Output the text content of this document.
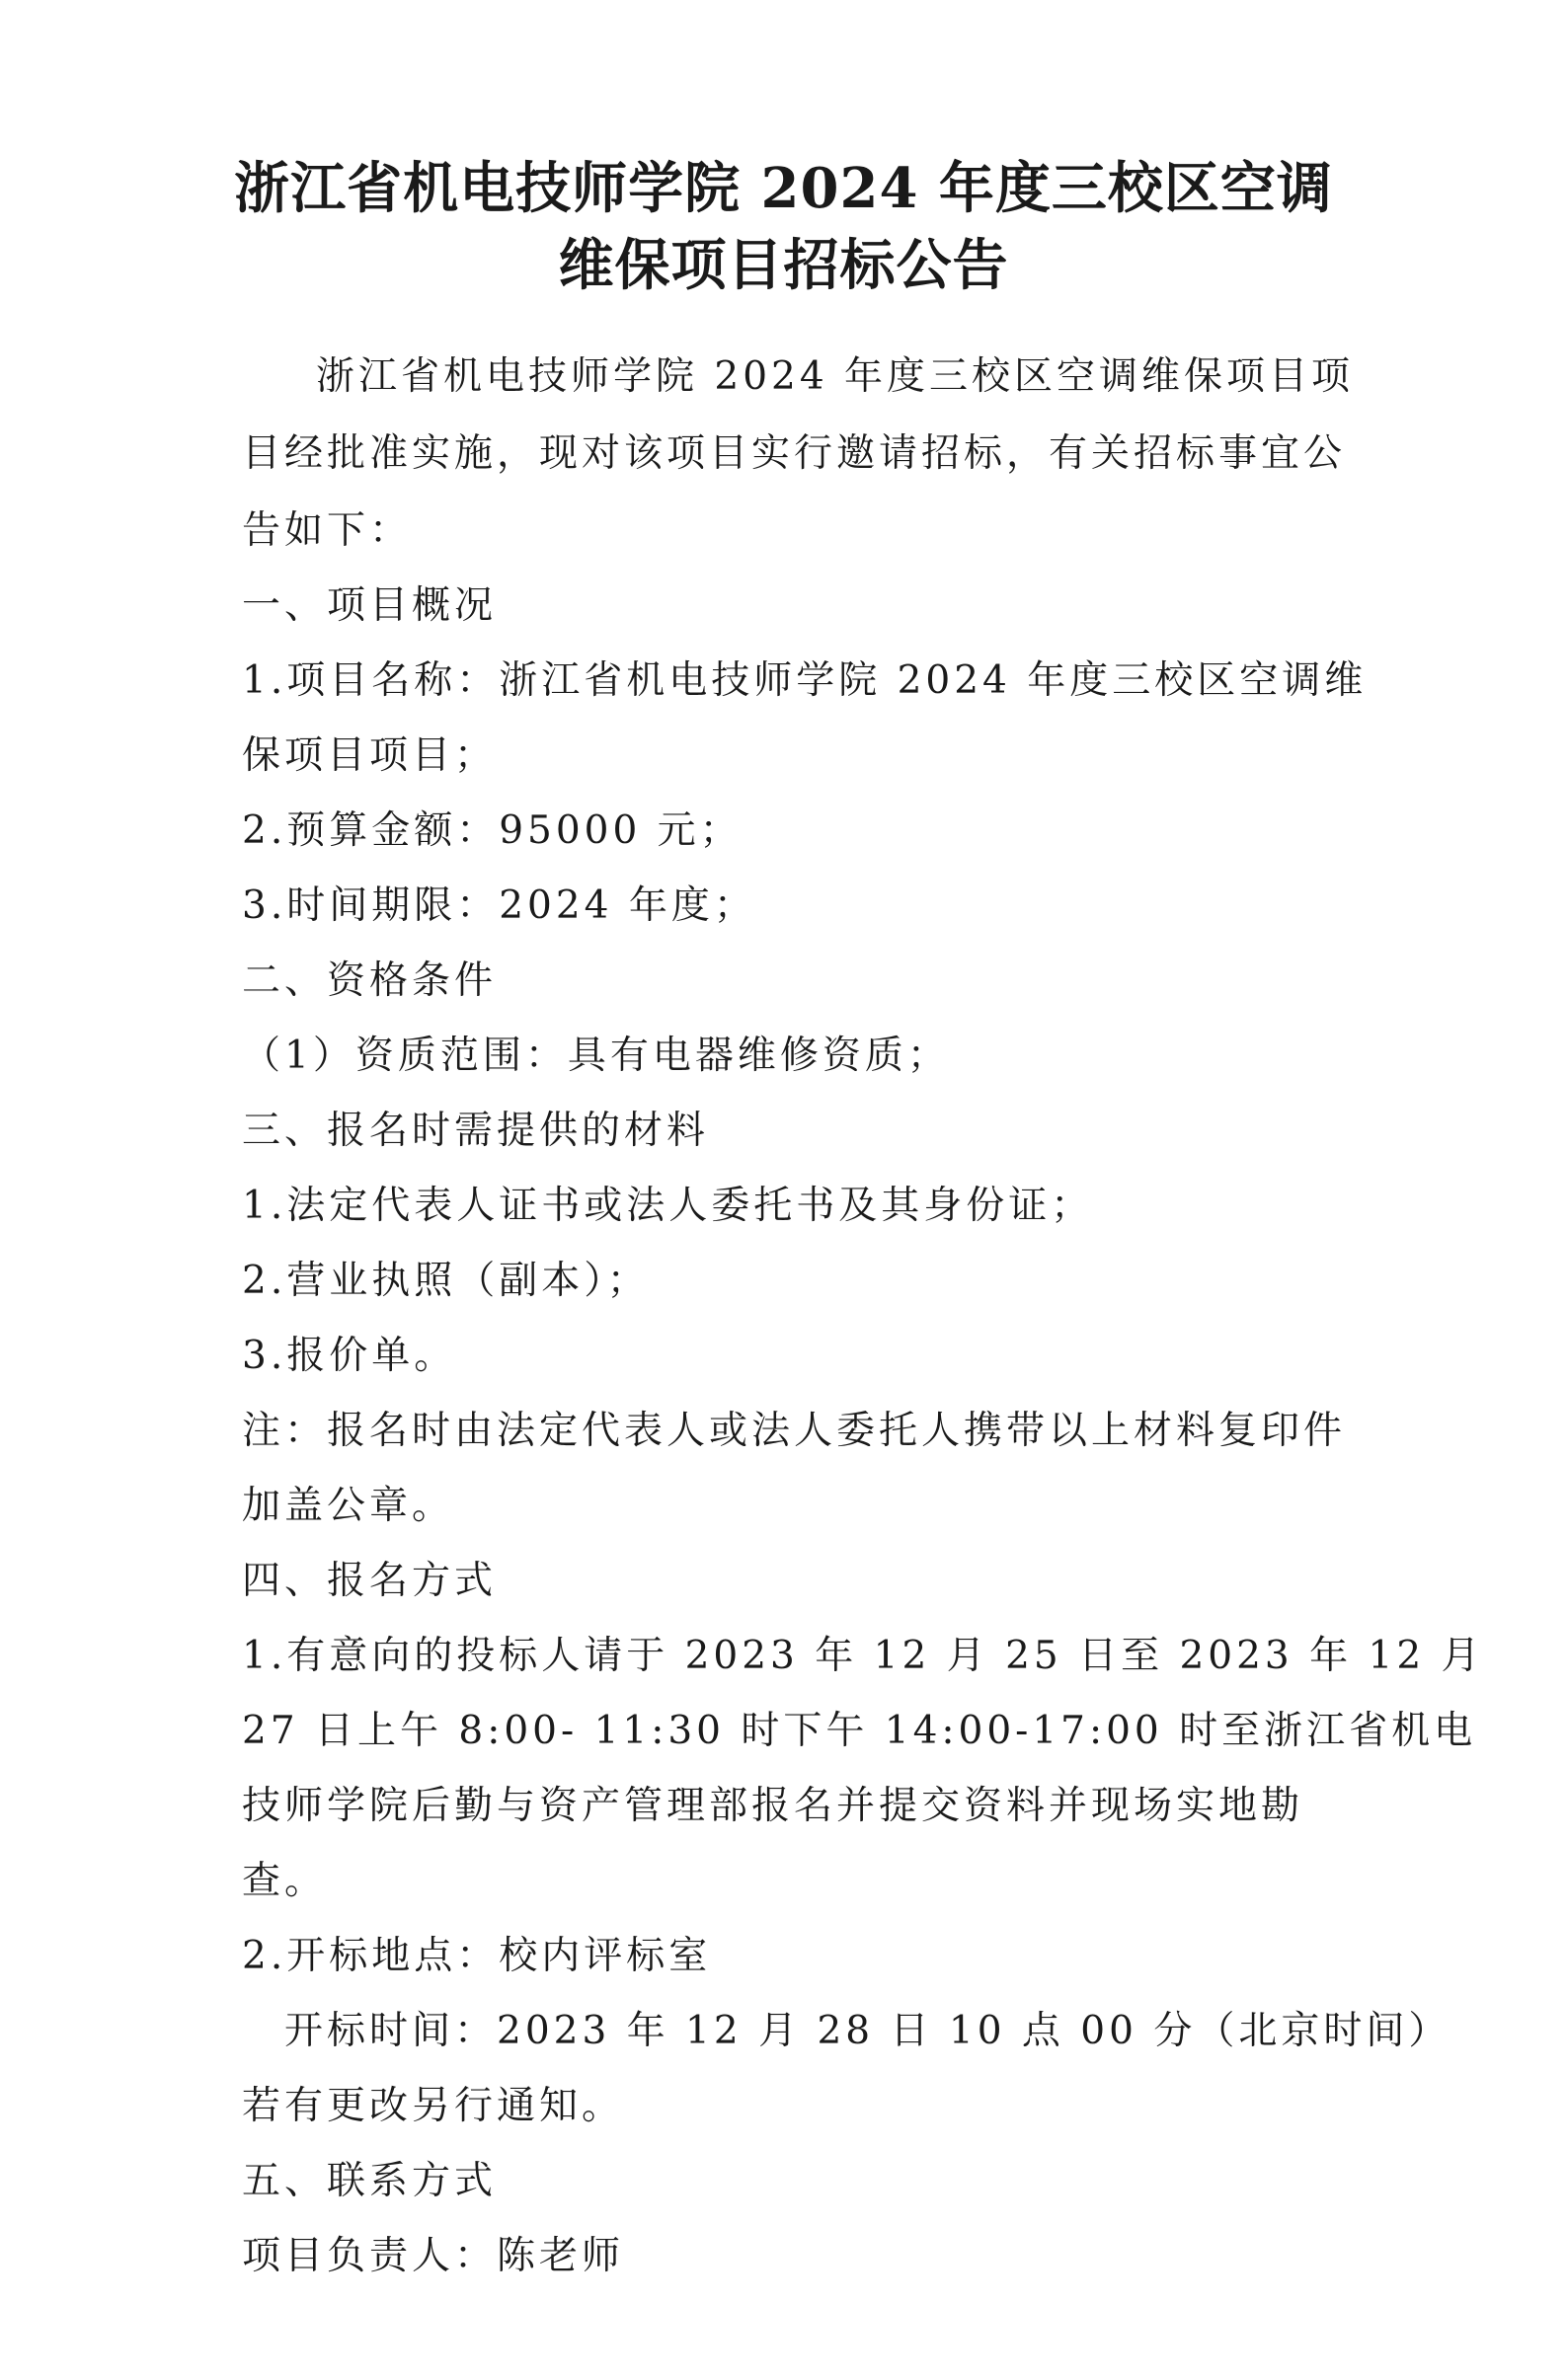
浙江省机电技师学院 2024 年度三校区空调
维保项目招标公告
浙江省机电技师学院 2024 年度三校区空调维保项目项
目经批准实施，现对该项目实行邀请招标，有关招标事宜公
告如下：
一、项目概况
1.项目名称：浙江省机电技师学院 2024 年度三校区空调维
保项目项目；
2.预算金额：95000 元；
3.时间期限：2024 年度；
二、资格条件
（1）资质范围：具有电器维修资质；
三、报名时需提供的材料
1.法定代表人证书或法人委托书及其身份证；
2.营业执照（副本）；
3.报价单。
注：报名时由法定代表人或法人委托人携带以上材料复印件
加盖公章。
四、报名方式
1.有意向的投标人请于 2023 年 12 月 25 日至 2023 年 12 月
27 日上午 8:00- 11:30 时下午 14:00-17:00 时至浙江省机电
技师学院后勤与资产管理部报名并提交资料并现场实地勘
查。
2.开标地点：校内评标室
开标时间：2023 年 12 月 28 日 10 点 00 分（北京时间）
若有更改另行通知。
五、联系方式
项目负责人：陈老师
